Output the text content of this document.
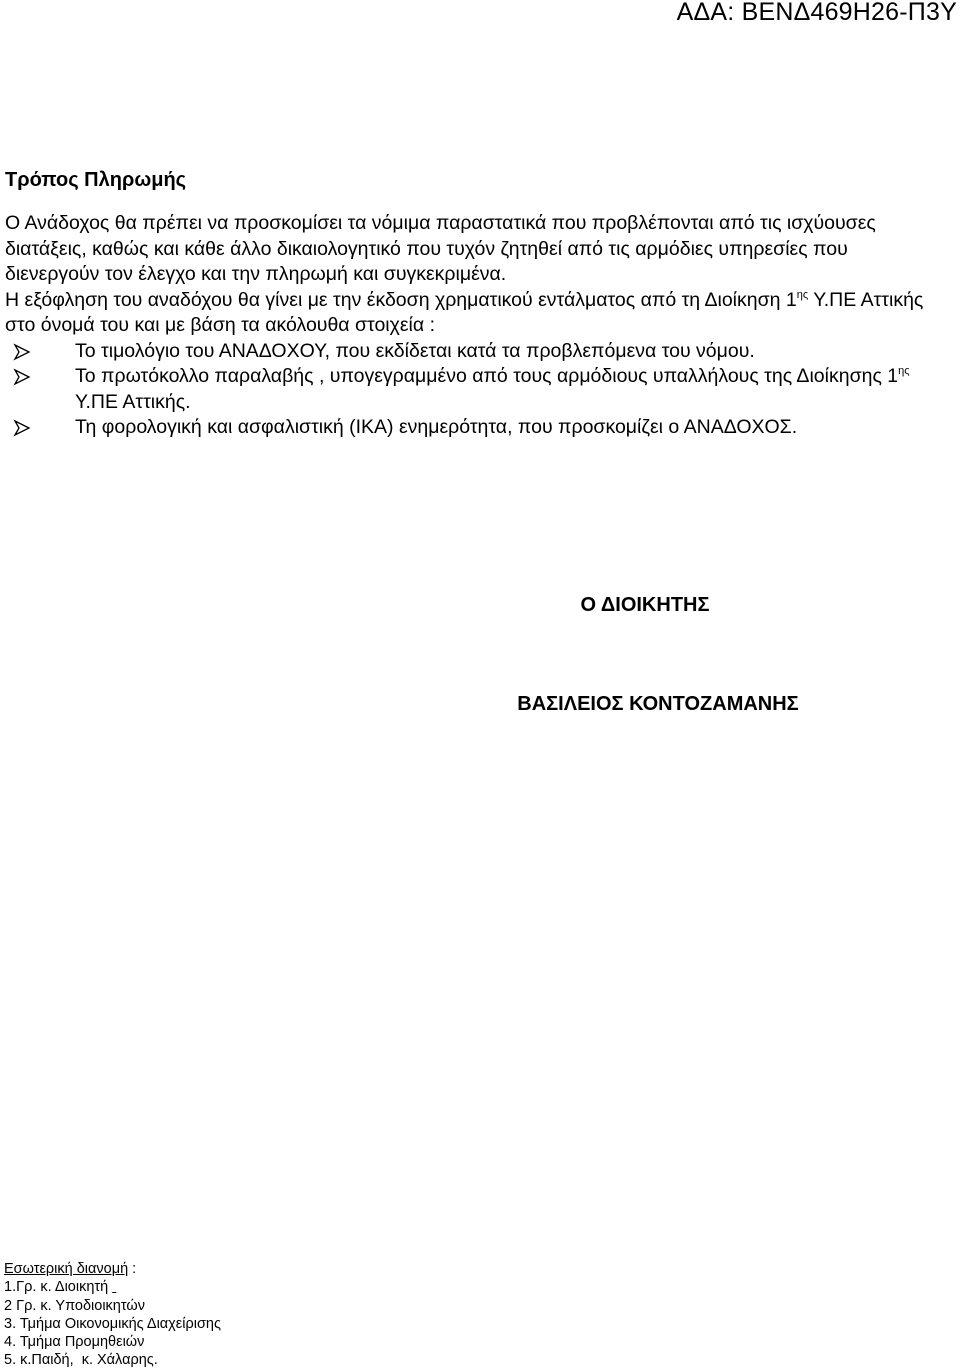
ΑΔΑ: ΒΕΝΔ469Η26-Π3Υ
Τρόπος Πληρωμής

Ο Ανάδοχος θα πρέπει να προσκομίσει τα νόμιμα παραστατικά που προβλέπονται από τις ισχύουσες διατάξεις, καθώς και κάθε άλλο δικαιολογητικό που τυχόν ζητηθεί από τις αρμόδιες υπηρεσίες που διενεργούν τον έλεγχο και την πληρωμή και συγκεκριμένα.

Η εξόφληση του αναδόχου θα γίνει με την έκδοση χρηματικού εντάλματος από τη Διοίκηση $1^{\eta\varsigma}$ Υ.ΠΕ Αττικής στο όνομά του και με βάση τα ακόλουθα στοιχεία :

Το τιμολόγιο του ΑΝΑΔΟΧΟΥ, που εκδίδεται κατά τα προβλεπόμενα του νόμου.
Το πρωτόκολλο παραλαβής , υπογεγραμμένο από τους αρμόδιους υπαλλήλους της Διοίκησης $1^{\eta\varsigma}$ Υ.ΠΕ Αττικής.
Τη φορολογική και ασφαλιστική (ΙΚΑ) ενημερότητα, που προσκομίζει ο ΑΝΑΔΟΧΟΣ.
Ο ΔΙΟΙΚΗΤΗΣ
ΒΑΣΙΛΕΙΟΣ ΚΟΝΤΟΖΑΜΑΝΗΣ
Εσωτερική διανομή :
1.Γρ. κ. Διοικητή
2 Γρ. κ. Υποδιοικητών
3. Τμήμα Οικονομικής Διαχείρισης
4. Τμήμα Προμηθειών
5. κ.Παιδή,  κ. Χάλαρης.
